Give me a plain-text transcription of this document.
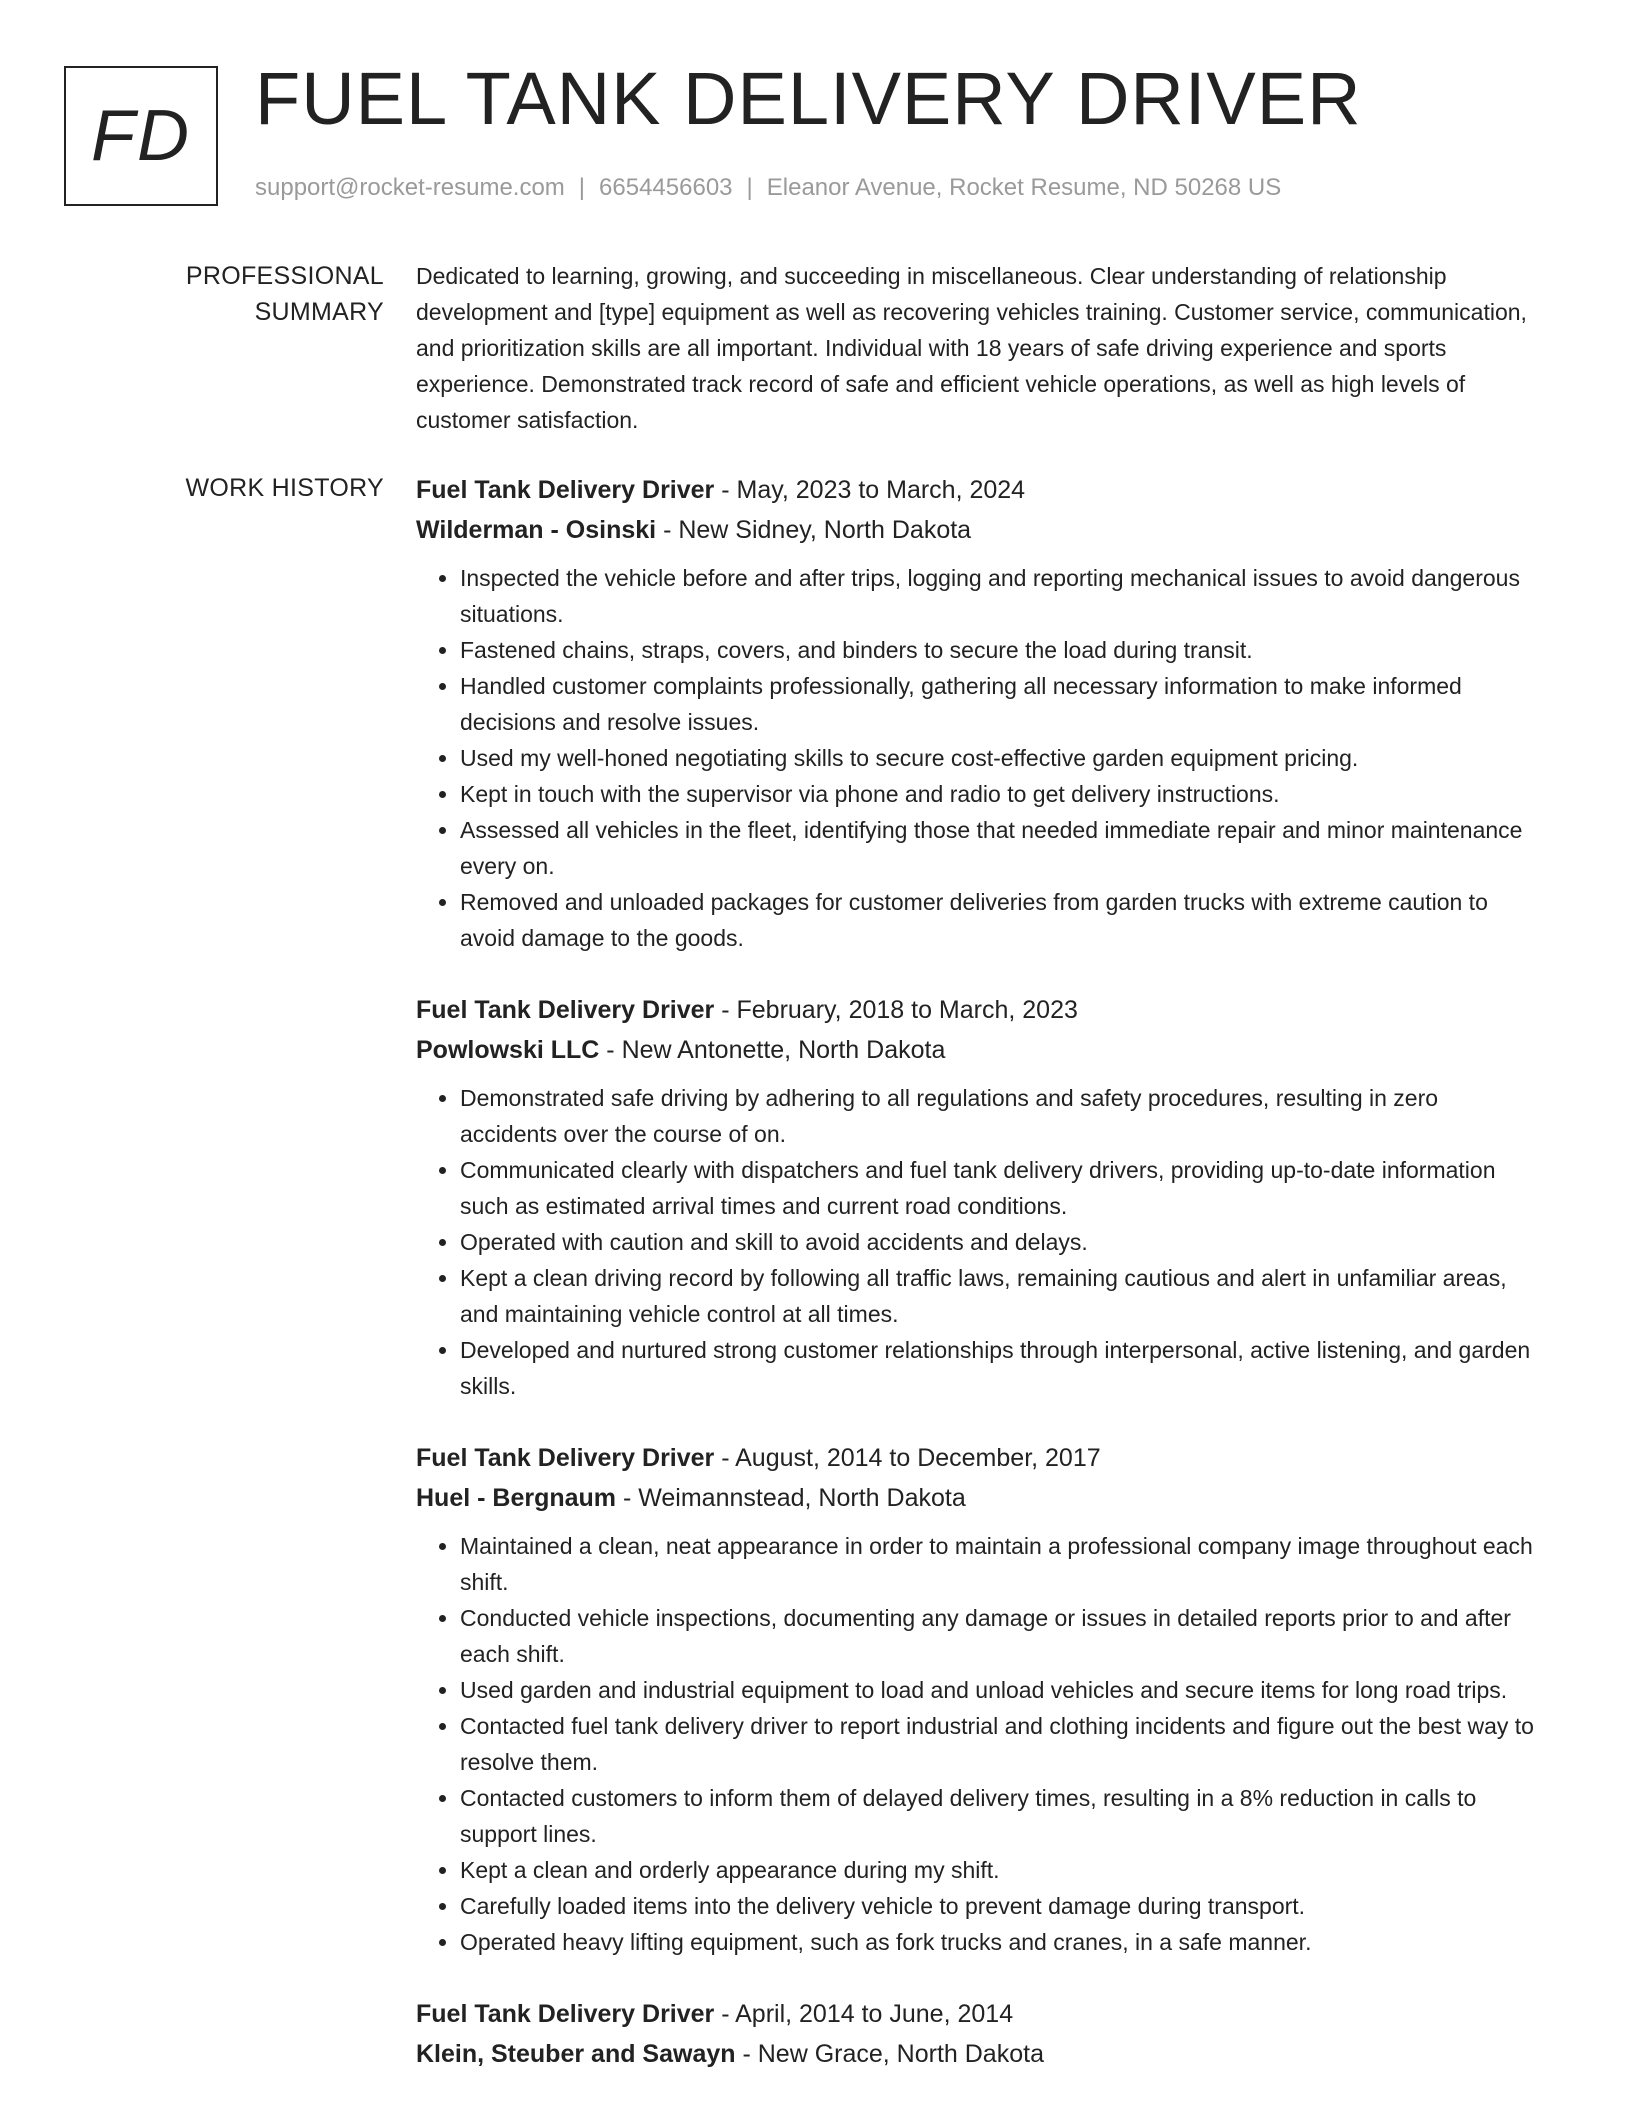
FD FUEL TANK DELIVERY DRIVER
support@rocket-resume.com | 6654456603 | Eleanor Avenue, Rocket Resume, ND 50268 US
PROFESSIONAL SUMMARY

Dedicated to learning, growing, and succeeding in miscellaneous. Clear understanding of relationship development and [type] equipment as well as recovering vehicles training. Customer service, communication, and prioritization skills are all important. Individual with 18 years of safe driving experience and sports experience. Demonstrated track record of safe and efficient vehicle operations, as well as high levels of customer satisfaction.

WORK HISTORY	Fuel Tank Delivery Driver - May, 2023 to March, 2024
Wilderman - Osinski - New Sidney, North Dakota
• Inspected the vehicle before and after trips, logging and reporting mechanical issues to avoid dangerous situations.
• Fastened chains, straps, covers, and binders to secure the load during transit.
• Handled customer complaints professionally, gathering all necessary information to make informed decisions and resolve issues.
• Used my well-honed negotiating skills to secure cost-effective garden equipment pricing.
• Kept in touch with the supervisor via phone and radio to get delivery instructions.
• Assessed all vehicles in the fleet, identifying those that needed immediate repair and minor maintenance every on.
• Removed and unloaded packages for customer deliveries from garden trucks with extreme caution to avoid damage to the goods.
Fuel Tank Delivery Driver - February, 2018 to March, 2023
Powlowski LLC - New Antonette, North Dakota
• Demonstrated safe driving by adhering to all regulations and safety procedures, resulting in zero accidents over the course of on.
• Communicated clearly with dispatchers and fuel tank delivery drivers, providing up-to-date information such as estimated arrival times and current road conditions.
• Operated with caution and skill to avoid accidents and delays.
• Kept a clean driving record by following all traffic laws, remaining cautious and alert in unfamiliar areas, and maintaining vehicle control at all times.
• Developed and nurtured strong customer relationships through interpersonal, active listening, and garden skills.
Fuel Tank Delivery Driver - August, 2014 to December, 2017
Huel - Bergnaum - Weimannstead, North Dakota
• Maintained a clean, neat appearance in order to maintain a professional company image throughout each shift.
• Conducted vehicle inspections, documenting any damage or issues in detailed reports prior to and after each shift.
• Used garden and industrial equipment to load and unload vehicles and secure items for long road trips.
• Contacted fuel tank delivery driver to report industrial and clothing incidents and figure out the best way to resolve them.
• Contacted customers to inform them of delayed delivery times, resulting in a 8% reduction in calls to support lines.
• Kept a clean and orderly appearance during my shift.
• Carefully loaded items into the delivery vehicle to prevent damage during transport.
• Operated heavy lifting equipment, such as fork trucks and cranes, in a safe manner.
Fuel Tank Delivery Driver - April, 2014 to June, 2014
Klein, Steuber and Sawayn - New Grace, North Dakota
